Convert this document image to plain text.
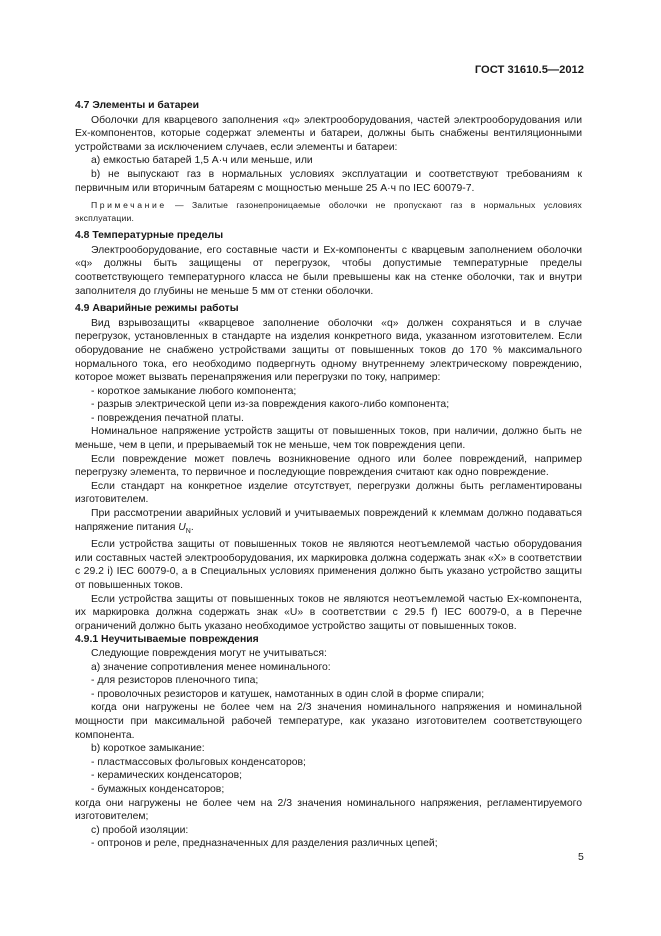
ГОСТ 31610.5—2012
4.7 Элементы и батареи

Оболочки для кварцевого заполнения «q» электрооборудования, частей электрооборудования или Ex-компонентов, которые содержат элементы и батареи, должны быть снабжены вентиляционными устройствами за исключением случаев, если элементы и батареи:

а) емкостью батарей 1,5 А·ч или меньше, или

b) не выпускают газ в нормальных условиях эксплуатации и соответствуют требованиям к первичным или вторичным батареям с мощностью меньше 25 А·ч по IEC 60079-7.

Примечание — Залитые газонепроницаемые оболочки не пропускают газ в нормальных условиях эксплуатации.

4.8 Температурные пределы

Электрооборудование, его составные части и Ex-компоненты с кварцевым заполнением оболочки «q» должны быть защищены от перегрузок, чтобы допустимые температурные пределы соответствующего температурного класса не были превышены как на стенке оболочки, так и внутри заполнителя до глубины не меньше 5 мм от стенки оболочки.

4.9 Аварийные режимы работы

Вид взрывозащиты «кварцевое заполнение оболочки «q» должен сохраняться и в случае перегрузок, установленных в стандарте на изделия конкретного вида, указанном изготовителем. Если оборудование не снабжено устройствами защиты от повышенных токов до 170 % максимального нормального тока, его необходимо подвергнуть одному внутреннему электрическому повреждению, которое может вызвать перенапряжения или перегрузки по току, например:

- короткое замыкание любого компонента;

- разрыв электрической цепи из-за повреждения какого-либо компонента;

- повреждения печатной платы.

Номинальное напряжение устройств защиты от повышенных токов, при наличии, должно быть не меньше, чем в цепи, и прерываемый ток не меньше, чем ток повреждения цепи.

Если повреждение может повлечь возникновение одного или более повреждений, например перегрузку элемента, то первичное и последующие повреждения считают как одно повреждение.

Если стандарт на конкретное изделие отсутствует, перегрузки должны быть регламентированы изготовителем.

При рассмотрении аварийных условий и учитываемых повреждений к клеммам должно подаваться напряжение питания $U_N$.

Если устройства защиты от повышенных токов не являются неотъемлемой частью оборудования или составных частей электрооборудования, их маркировка должна содержать знак «X» в соответствии с 29.2 i) IEC 60079-0, а в Специальных условиях применения должно быть указано устройство защиты от повышенных токов.

Если устройства защиты от повышенных токов не являются неотъемлемой частью Ex-компонента, их маркировка должна содержать знак «U» в соответствии с 29.5 f) IEC 60079-0, а в Перечне ограничений должно быть указано необходимое устройство защиты от повышенных токов.

4.9.1 Неучитываемые повреждения

Следующие повреждения могут не учитываться:

а) значение сопротивления менее номинального:

- для резисторов пленочного типа;

- проволочных резисторов и катушек, намотанных в один слой в форме спирали;

когда они нагружены не более чем на 2/3 значения номинального напряжения и номинальной мощности при максимальной рабочей температуре, как указано изготовителем соответствующего компонента.

b) короткое замыкание:

- пластмассовых фольговых конденсаторов;

- керамических конденсаторов;

- бумажных конденсаторов;

когда они нагружены не более чем на 2/3 значения номинального напряжения, регламентируемого изготовителем;

c) пробой изоляции:

- оптронов и реле, предназначенных для разделения различных цепей;

5
